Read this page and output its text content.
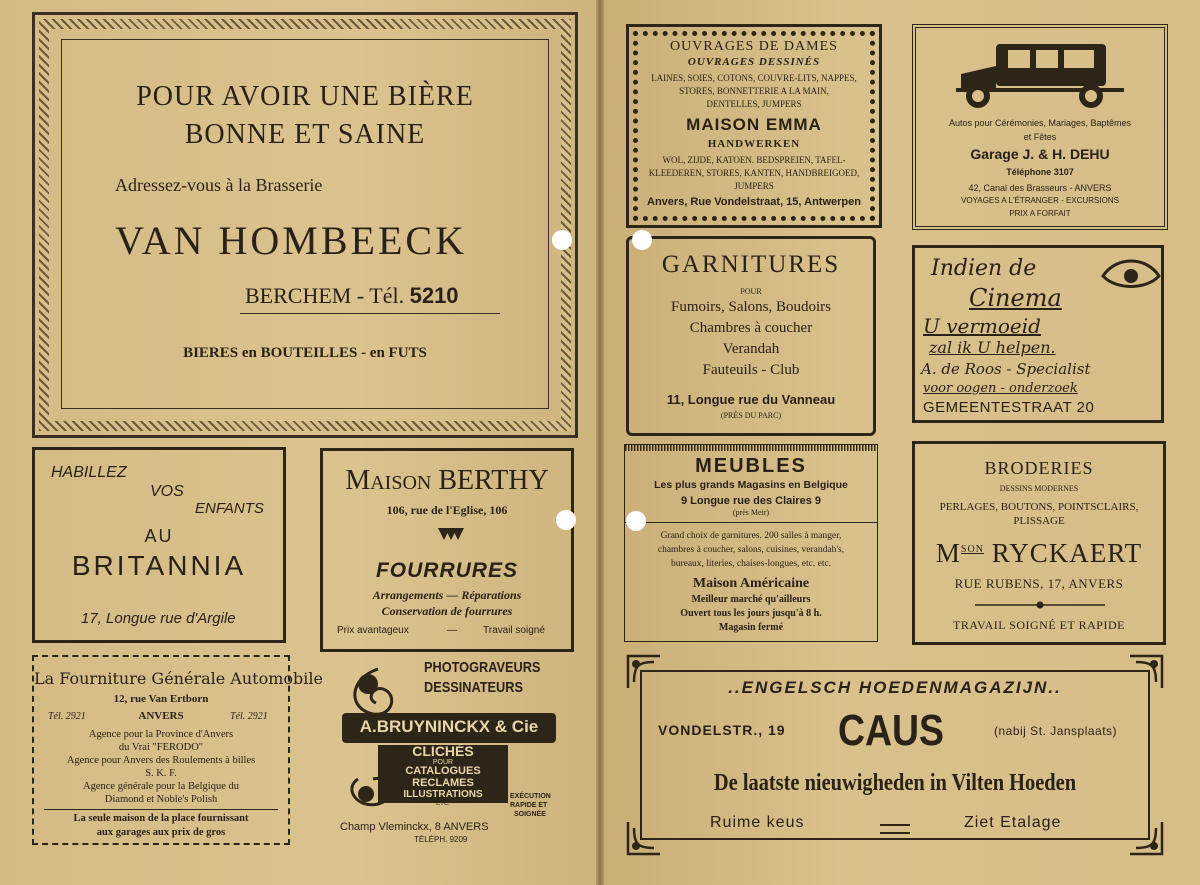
POUR AVOIR UNE BIÈRE
BONNE ET SAINE
Adressez-vous à la Brasserie
VAN HOMBEECK
BERCHEM - Tél. 5210
BIERES en BOUTEILLES - en FUTS
HABILLEZ
VOS
ENFANTS
AU
BRITANNIA
17, Longue rue d'Argile
Maison BERTHY
106, rue de l'Eglise, 106
FOURRURES
Arrangements — Réparations
Conservation de fourrures
Prix avantageux	—	Travail soigné
La Fourniture Générale Automobile
12, rue Van Ertborn
Tél. 2921	ANVERS	Tél. 2921
Agence pour la Province d'Anvers
du Vrai "FERODO"
Agence pour Anvers des Roulements à billes
S. K. F.
Agence générale pour la Belgique du
Diamond et Noble's Polish
La seule maison de la place fournissant
aux garages aux prix de gros
PHOTOGRAVEURS
DESSINATEURS
A.BRUYNINCKX & Cie
CLICHÉS
POUR
CATALOGUES
RECLAMES
ILLUSTRATIONS
ETC.
EXÉCUTION
RAPIDE ET
SOIGNÉE
Champ Vleminckx, 8 ANVERS
TÉLÉPH. 9209
OUVRAGES DE DAMES
OUVRAGES DESSINÉS
LAINES, SOIES, COTONS, COUVRE-LITS, NAPPES,
STORES, BONNETTERIE A LA MAIN,
DENTELLES, JUMPERS
MAISON EMMA
HANDWERKEN
WOL, ZIJDE, KATOEN. BEDSPREIEN, TAFEL-
KLEEDEREN, STORES, KANTEN, HANDBREIGOED,
JUMPERS
Anvers, Rue Vondelstraat, 15, Antwerpen
Autos pour Cérémonies, Mariages, Baptêmes
et Fêtes
Garage J. & H. DEHU
Téléphone 3107
42, Canal des Brasseurs - ANVERS
VOYAGES A L'ÉTRANGER - EXCURSIONS
PRIX A FORFAIT
GARNITURES
POUR
Fumoirs, Salons, Boudoirs
Chambres à coucher
Verandah
Fauteuils - Club
11, Longue rue du Vanneau
(PRÈS DU PARC)
Indien de
Cinema
U vermoeid
zal ik U helpen.
A. de Roos - Specialist
voor oogen - onderzoek
GEMEENTESTRAAT 20
MEUBLES
Les plus grands Magasins en Belgique
9 Longue rue des Claires 9
(près Meir)
Grand choix de garnitures. 200 salles à manger,
chambres à coucher, salons, cuisines, verandah's,
bureaux, literies, chaises-longues, etc. etc.
Maison Américaine
Meilleur marché qu'ailleurs
Ouvert tous les jours jusqu'à 8 h.
Magasin fermé
BRODERIES
DESSINS MODERNES
PERLAGES, BOUTONS, POINTSCLAIRS,
PLISSAGE
$M^{SON}$ RYCKAERT
RUE RUBENS, 17, ANVERS
TRAVAIL SOIGNÉ ET RAPIDE
..ENGELSCH HOEDENMAGAZIJN..
VONDELSTR., 19	CAUS	(nabij St. Jansplaats)
De laatste nieuwigheden in Vilten Hoeden
Ruime keus	Ziet Etalage
